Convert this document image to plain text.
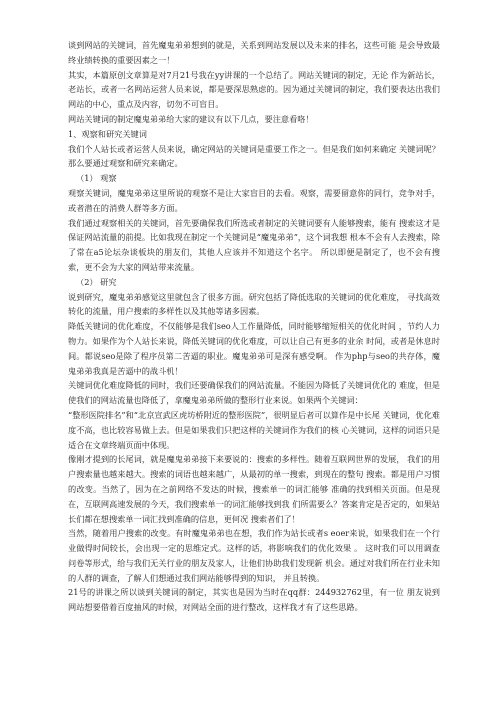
谈到网站的关键词，首先魔鬼弟弟想到的就是，关系到网站发展以及未来的排名，这些可能 是会导致最终业绩转换的重要因素之一！

其实，本篇原创文章算是对7月21号我在yy讲课的一个总结了。网站关键词的制定，无论 作为新站长，老站长，或者一名网站运营人员来说，都是要深思熟虑的。因为通过关键词的制定，我们要表达出我们网站的中心，重点及内容，切勿不可盲目。

网站关键词的制定魔鬼弟弟给大家的建议有以下几点，要注意看咯！

1、观察和研究关键词

我们个人站长或者运营人员来说，确定网站的关键词是重要工作之一。但是我们如何来确定 关键词呢？那么要通过观察和研究来确定。

（1） 观察

观察关键词，魔鬼弟弟这里所说的观察不是让大家盲目的去看。观察，需要留意你的同行，竞争对手，或者潜在的消费人群等多方面。

我们通过观察相关的关键词，首先要确保我们所选或者制定的关键词要有人能够搜索，能有 搜索这才是保证网站流量的前提。比如我现在制定一个关键词是“魔鬼弟弟”，这个词我想 根本不会有人去搜索，除了常在a5论坛杂谈板块的朋友们，其他人应该并不知道这个名字。 所以即便是制定了，也不会有搜索，更不会为大家的网站带来流量。

（2） 研究

说到研究，魔鬼弟弟感觉这里就包含了很多方面。研究包括了降低选取的关键词的优化难度， 寻找高效转化的流量，用户搜索的多样性以及其他等诸多因素。

降低关键词的优化难度，不仅能够是我们seo人工作量降低，同时能够缩短相关的优化时间 ，节约人力物力。如果作为个人站长来说，降低关键词的优化难度，可以让自己有更多的业余 时间，或者是休息时间。都说seo是除了程序员第二苦逼的职业。魔鬼弟弟可是深有感受啊。 作为php与seo的共存体，魔鬼弟弟我真是苦逼中的战斗机！

关键词优化难度降低的同时，我们还要确保我们的网站流量。不能因为降低了关键词优化的 难度，但是使我们的网站流量也降低了，拿魔鬼弟弟所做的整形行业来说。如果两个关键词：

“整形医院排名”和“北京宣武区虎坊桥附近的整形医院”，很明显后者可以算作是中长尾 关键词，优化难度不高，也比较容易做上去。但是如果我们只把这样的关键词作为我们的核 心关键词，这样的词语只是适合在文章终端页面中体现。

像刚才提到的长尾词，就是魔鬼弟弟接下来要说的：搜索的多样性。随着互联网世界的发展， 我们的用户搜索量也越来越大。搜索的词语也越来越广，从最初的单一搜索，到现在的整句 搜索。都是用户习惯的改变。当然了，因为在之前网络不发达的时候，搜索单一的词汇能够 准确的找到相关页面。但是现在，互联网高速发展的今天，我们搜索单一的词汇能够找到我 们所需要么？答案肯定是否定的，如果站长们都在想搜索单一词汇找到准确的信息，更何况 搜索者们了！

当然，随着用户搜索的改变。有时魔鬼弟弟也在想，我们作为站长或者s eoer来说，如果我们在一个行业做得时间较长，会出现一定的思维定式。这样的话，将影响我们的优化效果 。 这时我们可以用调查问卷等形式，给与我们无关行业的朋友及家人，让他们协助我们发现新 机会。通过对我们所在行业未知的人群的调查，了解人们想通过我们网站能够得到的知识， 并且转换。

21号的讲课之所以谈到关键词的制定，其实也是因为当时在qq群：244932762里，有一位 朋友说到网站想要借着百度抽风的时候，对网站全面的进行整改，这样我才有了这些思路。
